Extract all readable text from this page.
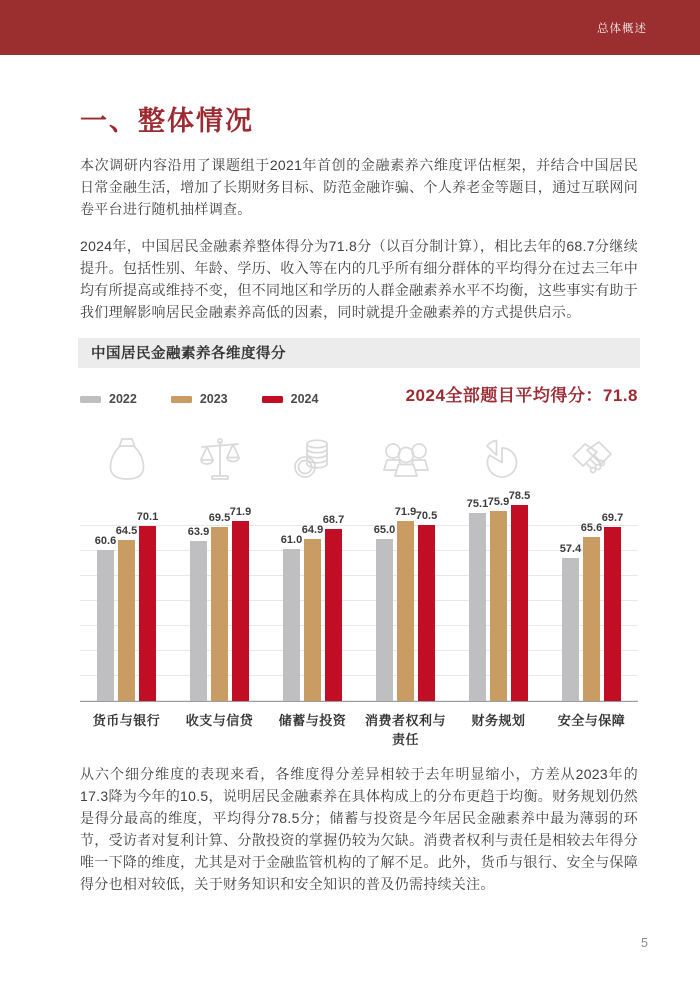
总体概述
一、整体情况

本次调研内容沿用了课题组于2021年首创的金融素养六维度评估框架，并结合中国居民日常金融生活，增加了长期财务目标、防范金融诈骗、个人养老金等题目，通过互联网问卷平台进行随机抽样调查。

2024年，中国居民金融素养整体得分为71.8分（以百分制计算），相比去年的68.7分继续提升。包括性别、年龄、学历、收入等在内的几乎所有细分群体的平均得分在过去三年中均有所提高或维持不变，但不同地区和学历的人群金融素养水平不均衡，这些事实有助于我们理解影响居民金融素养高低的因素，同时就提升金融素养的方式提供启示。

中国居民金融素养各维度得分
2022	2023	2024	2024全部题目平均得分：71.8
60.6
64.5
70.1
63.9
69.5 71.9
61.0
64.9
68.7
65.0
71.9 70.5
75.1 75.9
78.5
57.4
65.6
69.7
货币与银行	收支与信贷	储蓄与投资	消费者权利与责任
财务规划	安全与保障

从六个细分维度的表现来看，各维度得分差异相较于去年明显缩小，方差从2023年的17.3降为今年的10.5，说明居民金融素养在具体构成上的分布更趋于均衡。财务规划仍然是得分最高的维度，平均得分78.5分；储蓄与投资是今年居民金融素养中最为薄弱的环节，受访者对复利计算、分散投资的掌握仍较为欠缺。消费者权利与责任是相较去年得分唯一下降的维度，尤其是对于金融监管机构的了解不足。此外，货币与银行、安全与保障得分也相对较低，关于财务知识和安全知识的普及仍需持续关注。

5
